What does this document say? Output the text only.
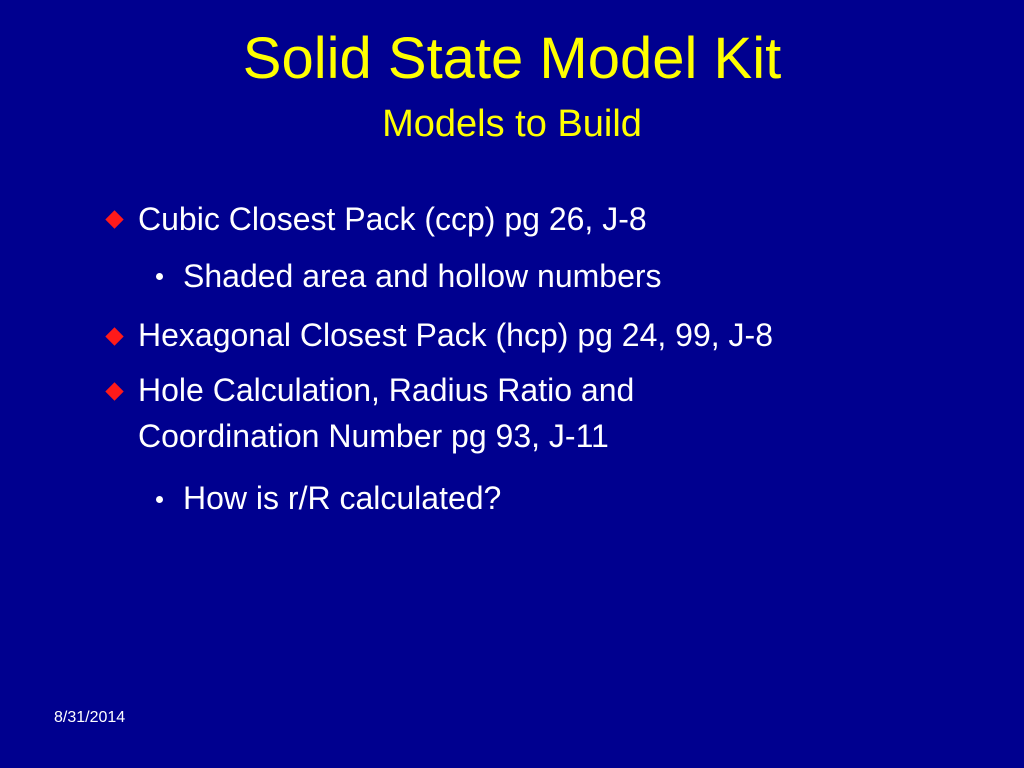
Solid State Model Kit
Models to Build
Cubic Closest Pack (ccp) pg 26, J-8
Shaded area and hollow numbers
Hexagonal Closest Pack (hcp) pg 24, 99, J-8
Hole Calculation, Radius Ratio and
Coordination Number pg 93, J-11
How is r/R calculated?
8/31/2014
